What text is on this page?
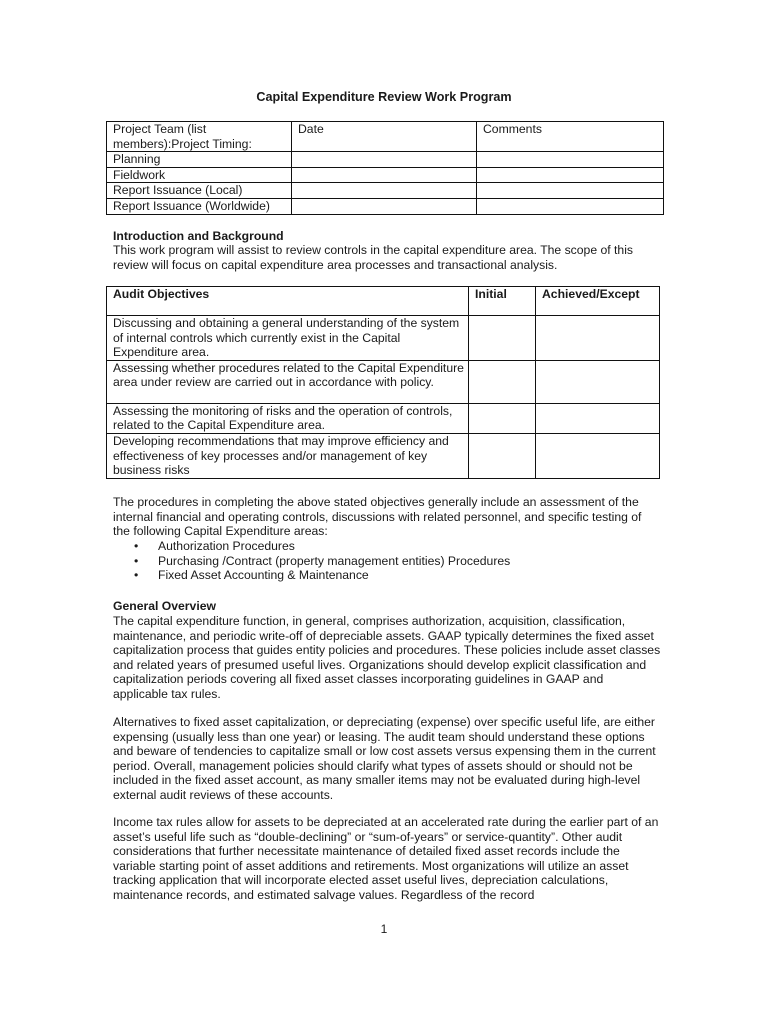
Capital Expenditure Review Work Program
Project Team (list members):Project Timing:	Date	Comments
Planning		
Fieldwork		
Report Issuance (Local)		
Report Issuance (Worldwide)		
Introduction and Background

This work program will assist to review controls in the capital expenditure area. The scope of this review will focus on capital expenditure area processes and transactional analysis.

Audit Objectives	Initial	Achieved/Except
Discussing and obtaining a general understanding of the system of internal controls which currently exist in the Capital Expenditure area.		
Assessing whether procedures related to the Capital Expenditure area under review are carried out in accordance with policy.		
Assessing the monitoring of risks and the operation of controls, related to the Capital Expenditure area.		
Developing recommendations that may improve efficiency and effectiveness of key processes and/or management of key business risks		

The procedures in completing the above stated objectives generally include an assessment of the internal financial and operating controls, discussions with related personnel, and specific testing of the following Capital Expenditure areas:

• Authorization Procedures
• Purchasing /Contract (property management entities) Procedures
• Fixed Asset Accounting & Maintenance
General Overview

The capital expenditure function, in general, comprises authorization, acquisition, classification, maintenance, and periodic write-off of depreciable assets. GAAP typically determines the fixed asset capitalization process that guides entity policies and procedures. These policies include asset classes and related years of presumed useful lives. Organizations should develop explicit classification and capitalization periods covering all fixed asset classes incorporating guidelines in GAAP and applicable tax rules.

Alternatives to fixed asset capitalization, or depreciating (expense) over specific useful life, are either expensing (usually less than one year) or leasing. The audit team should understand these options and beware of tendencies to capitalize small or low cost assets versus expensing them in the current period. Overall, management policies should clarify what types of assets should or should not be included in the fixed asset account, as many smaller items may not be evaluated during high-level external audit reviews of these accounts.

Income tax rules allow for assets to be depreciated at an accelerated rate during the earlier part of an asset’s useful life such as “double-declining” or “sum-of-years” or service-quantity”. Other audit considerations that further necessitate maintenance of detailed fixed asset records include the variable starting point of asset additions and retirements. Most organizations will utilize an asset tracking application that will incorporate elected asset useful lives, depreciation calculations, maintenance records, and estimated salvage values. Regardless of the record

1
